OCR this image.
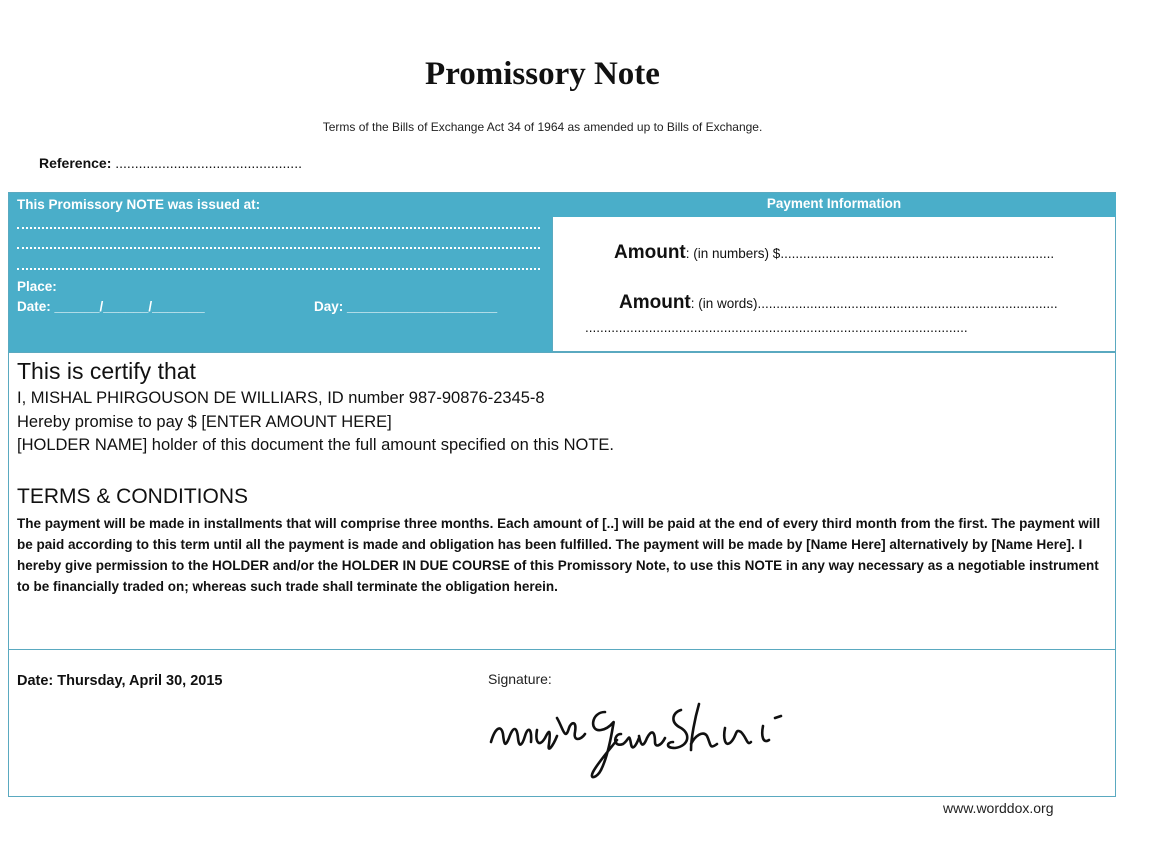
Promissory Note
Terms of the Bills of Exchange Act 34 of 1964 as amended up to Bills of Exchange.
Reference: ................................................
This Promissory NOTE was issued at:
Place:
Date: ______/______/_______	Day: ____________________
Payment Information
Amount: (in numbers) $.........................................................................
Amount: (in words)................................................................................
......................................................................................................
This is certify that
I, MISHAL PHIRGOUSON DE WILLIARS, ID number 987-90876-2345-8
Hereby promise to pay $ [ENTER AMOUNT HERE]
[HOLDER NAME] holder of this document the full amount specified on this NOTE.
TERMS & CONDITIONS
The payment will be made in installments that will comprise three months. Each amount of [..] will be paid at the end of every third month from the first. The payment will be paid according to this term until all the payment is made and obligation has been fulfilled. The payment will be made by [Name Here] alternatively by [Name Here]. I hereby give permission to the HOLDER and/or the HOLDER IN DUE COURSE of this Promissory Note, to use this NOTE in any way necessary as a negotiable instrument to be financially traded on; whereas such trade shall terminate the obligation herein.
Date: Thursday, April 30, 2015	Signature:
www.worddox.org
